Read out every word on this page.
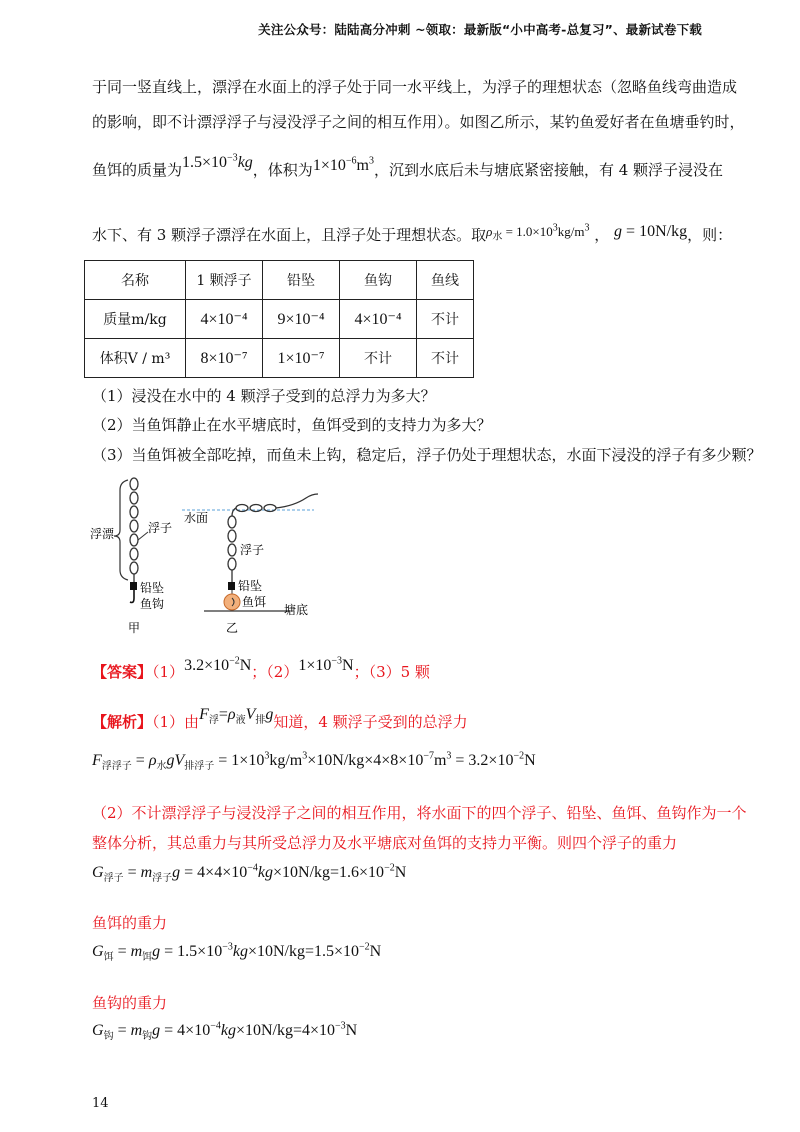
关注公众号：陆陆高分冲刺 ~领取：最新版“小中高考-总复习”、最新试卷下载
于同一竖直线上，漂浮在水面上的浮子处于同一水平线上，为浮子的理想状态（忽略鱼线弯曲造成
的影响，即不计漂浮浮子与浸没浮子之间的相互作用）。如图乙所示，某钓鱼爱好者在鱼塘垂钓时，
鱼饵的质量为$1.5\times 10^{-3}kg$，体积为$1\times 10^{-6}m^3$，沉到水底后未与塘底紧密接触，有 4 颗浮子浸没在
水下、有 3 颗浮子漂浮在水面上，且浮子处于理想状态。取$\rho_水 = 1.0\times 10^3kg/m^3$ ， g = 10N/kg，则：
名称	1 颗浮子	铅坠	鱼钩	鱼线
质量m/kg	4×10⁻⁴	9×10⁻⁴	4×10⁻⁴	不计
体积V / m³	8×10⁻⁷	1×10⁻⁷	不计	不计
（1）浸没在水中的 4 颗浮子受到的总浮力为多大？
（2）当鱼饵静止在水平塘底时，鱼饵受到的支持力为多大？
（3）当鱼饵被全部吃掉，而鱼未上钩，稳定后，浮子仍处于理想状态，水面下浸没的浮子有多少颗？
浮漂	浮子
铅坠
鱼钩
甲
水面
浮子
铅坠
鱼饵
塘底
乙
【答案】$(1)3.2\times 10^{-2}N$；$(2)1\times 10^{-3}N$；（3）5 颗
【解析】（1）由$F_浮=\rho_液V_排g$知道，4 颗浮子受到的总浮力
$F_{浮浮子} = \rho_水gV_{排浮子} = 1\times 10^3kg/m^3\times 10N/kg\times 4\times 8\times 10^{-7}m^3 = 3.2\times 10^{-2}N$
（2）不计漂浮浮子与浸没浮子之间的相互作用，将水面下的四个浮子、铅坠、鱼饵、鱼钩作为一个
整体分析，其总重力与其所受总浮力及水平塘底对鱼饵的支持力平衡。则四个浮子的重力
$G_{浮子} = m_{浮子}g = 4\times 4\times 10^{-4}kg\times 10N/kg=1.6\times 10^{-2}N$
鱼饵的重力
$G_饵 = m_饵g = 1.5\times 10^{-3}kg\times 10N/kg=1.5\times 10^{-2}N$
鱼钩的重力
$G_钩 = m_钩g = 4\times 10^{-4}kg\times 10N/kg=4\times 10^{-3}N$
14
